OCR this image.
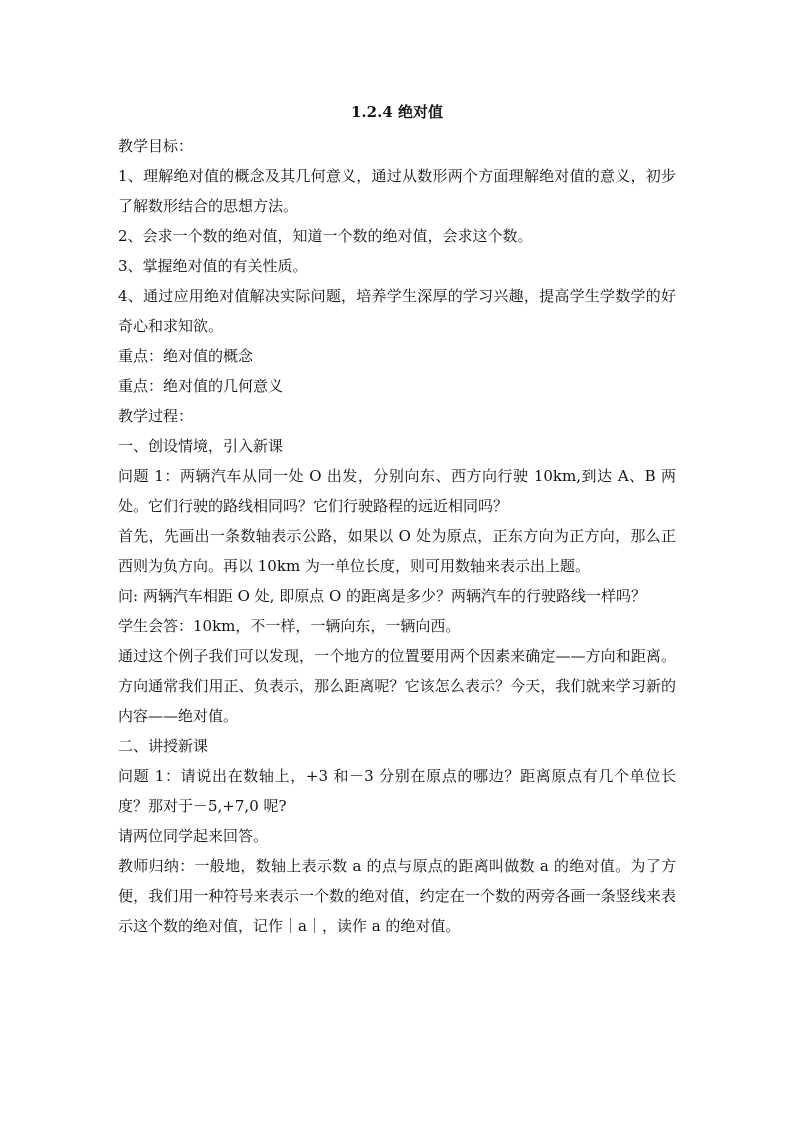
1.2.4 绝对值

教学目标：

1、理解绝对值的概念及其几何意义，通过从数形两个方面理解绝对值的意义，初步了解数形结合的思想方法。

2、会求一个数的绝对值，知道一个数的绝对值，会求这个数。

3、掌握绝对值的有关性质。

4、通过应用绝对值解决实际问题，培养学生深厚的学习兴趣，提高学生学数学的好奇心和求知欲。

重点：绝对值的概念

重点：绝对值的几何意义

教学过程：

一、创设情境，引入新课

问题 1：两辆汽车从同一处 O 出发，分别向东、西方向行驶 10km,到达 A、B 两处。它们行驶的路线相同吗？它们行驶路程的远近相同吗？

首先，先画出一条数轴表示公路，如果以 O 处为原点，正东方向为正方向，那么正西则为负方向。再以 10km 为一单位长度，则可用数轴来表示出上题。

问: 两辆汽车相距 O 处, 即原点 O 的距离是多少？两辆汽车的行驶路线一样吗？

学生会答：10km，不一样，一辆向东，一辆向西。

通过这个例子我们可以发现，一个地方的位置要用两个因素来确定——方向和距离。方向通常我们用正、负表示，那么距离呢？它该怎么表示？今天，我们就来学习新的内容——绝对值。

二、讲授新课

问题 1：请说出在数轴上，+3 和－3 分别在原点的哪边？距离原点有几个单位长度？那对于－5,+7,0 呢?

请两位同学起来回答。

教师归纳：一般地，数轴上表示数 a 的点与原点的距离叫做数 a 的绝对值。为了方便，我们用一种符号来表示一个数的绝对值，约定在一个数的两旁各画一条竖线来表示这个数的绝对值，记作｜a｜，读作 a 的绝对值。
